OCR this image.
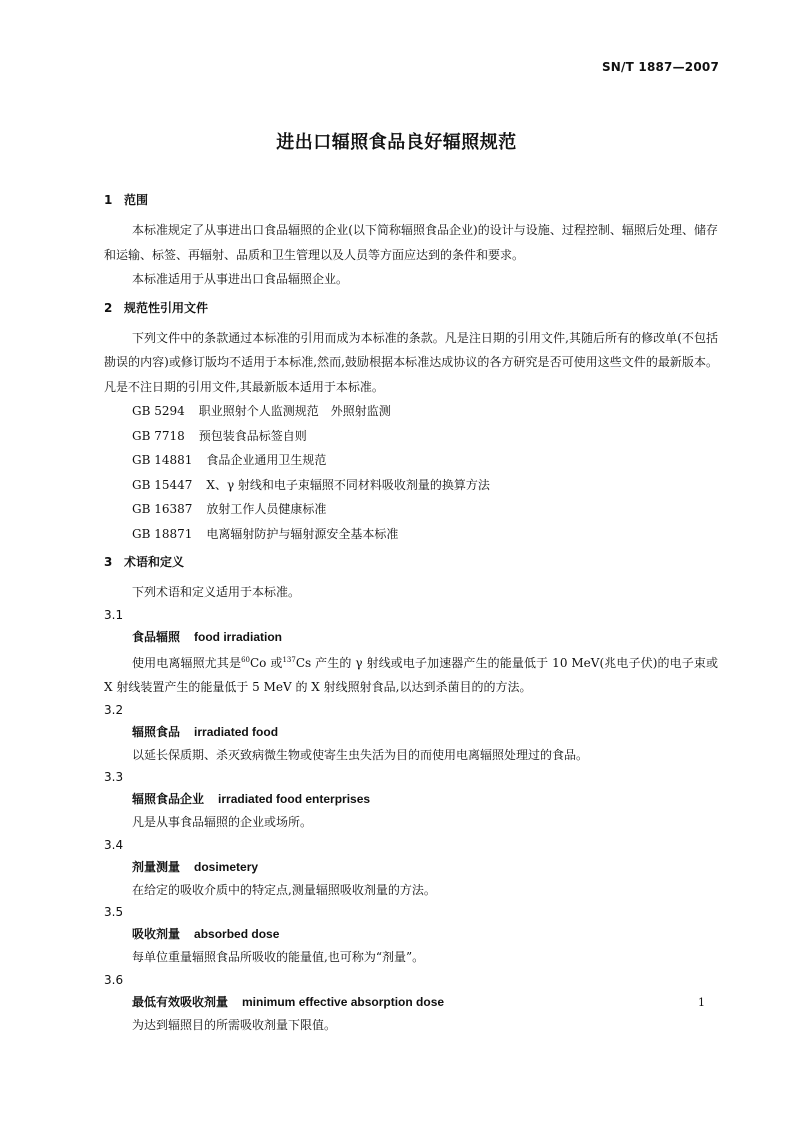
SN/T 1887—2007
进出口辐照食品良好辐照规范
1 范围

本标准规定了从事进出口食品辐照的企业(以下简称辐照食品企业)的设计与设施、过程控制、辐照后处理、储存和运输、标签、再辐射、品质和卫生管理以及人员等方面应达到的条件和要求。

本标准适用于从事进出口食品辐照企业。

2 规范性引用文件

下列文件中的条款通过本标准的引用而成为本标准的条款。凡是注日期的引用文件,其随后所有的修改单(不包括勘误的内容)或修订版均不适用于本标准,然而,鼓励根据本标准达成协议的各方研究是否可使用这些文件的最新版本。凡是不注日期的引用文件,其最新版本适用于本标准。

GB 5294 职业照射个人监测规范　外照射监测
GB 7718 预包装食品标签自则
GB 14881 食品企业通用卫生规范
GB 15447 X、γ 射线和电子束辐照不同材料吸收剂量的换算方法
GB 16387 放射工作人员健康标准
GB 18871 电离辐射防护与辐射源安全基本标准
3 术语和定义

下列术语和定义适用于本标准。

3.1
食品辐照 food irradiation

使用电离辐照尤其是$^{60}$Co 或$^{137}$Cs 产生的 γ 射线或电子加速器产生的能量低于 10 MeV(兆电子伏)的电子束或 X 射线装置产生的能量低于 5 MeV 的 X 射线照射食品,以达到杀菌目的的方法。

3.2
辐照食品 irradiated food

以延长保质期、杀灭致病微生物或使寄生虫失活为目的而使用电离辐照处理过的食品。

3.3
辐照食品企业 irradiated food enterprises

凡是从事食品辐照的企业或场所。

3.4
剂量测量 dosimetery

在给定的吸收介质中的特定点,测量辐照吸收剂量的方法。

3.5
吸收剂量 absorbed dose

每单位重量辐照食品所吸收的能量值,也可称为“剂量”。

3.6
最低有效吸收剂量 minimum effective absorption dose

为达到辐照目的所需吸收剂量下限值。

1
